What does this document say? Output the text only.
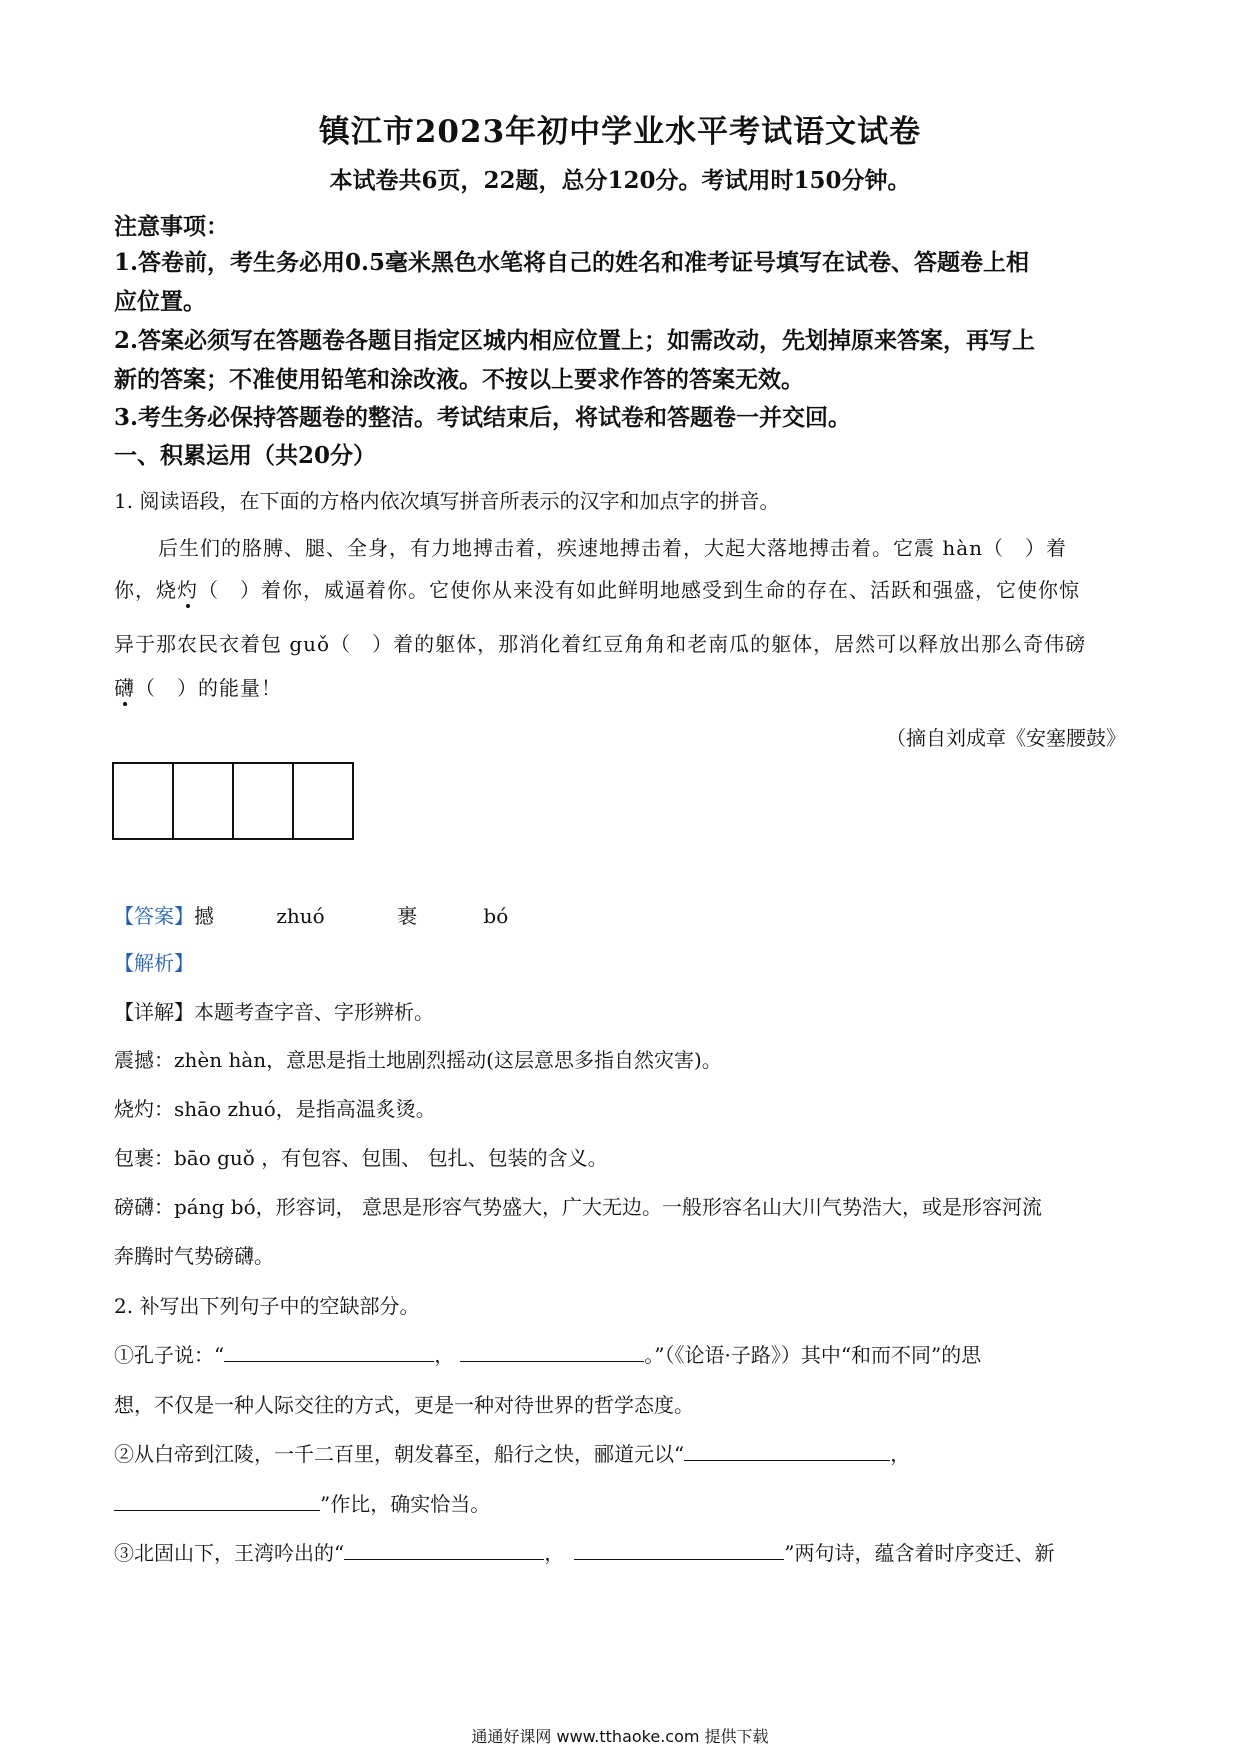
镇江市2023年初中学业水平考试语文试卷
本试卷共6页，22题，总分120分。考试用时150分钟。
注意事项：
1.答卷前，考生务必用0.5毫米黑色水笔将自己的姓名和准考证号填写在试卷、答题卷上相
应位置。
2.答案必须写在答题卷各题目指定区城内相应位置上；如需改动，先划掉原来答案，再写上
新的答案；不准使用铅笔和涂改液。不按以上要求作答的答案无效。
3.考生务必保持答题卷的整洁。考试结束后，将试卷和答题卷一并交回。
一、积累运用（共20分）
1. 阅读语段，在下面的方格内依次填写拼音所表示的汉字和加点字的拼音。
后生们的胳膊、腿、全身，有力地搏击着，疾速地搏击着，大起大落地搏击着。它震 hàn（　）着
你，烧灼（　）着你，威逼着你。它使你从来没有如此鲜明地感受到生命的存在、活跃和强盛，它使你惊
异于那农民衣着包 guǒ（　）着的躯体，那消化着红豆角角和老南瓜的躯体，居然可以释放出那么奇伟磅
礴（　）的能量！
（摘自刘成章《安塞腰鼓》
【答案】撼	zhuó	裹	bó
【解析】
【详解】本题考查字音、字形辨析。
震撼：zhèn hàn，意思是指土地剧烈摇动(这层意思多指自然灾害)。
烧灼：shāo zhuó，是指高温炙烫。
包裹：bāo guǒ ，有包容、包围、 包扎、包装的含义。
磅礴：páng bó，形容词， 意思是形容气势盛大，广大无边。一般形容名山大川气势浩大，或是形容河流
奔腾时气势磅礴。
2. 补写出下列句子中的空缺部分。
①孔子说：“	，	。”（《论语·子路》）其中“和而不同”的思
想，不仅是一种人际交往的方式，更是一种对待世界的哲学态度。
②从白帝到江陵，一千二百里，朝发暮至，船行之快，郦道元以“	，
”作比，确实恰当。
③北固山下，王湾吟出的“	，	”两句诗，蕴含着时序变迁、新
通通好课网 www.tthaoke.com 提供下载
